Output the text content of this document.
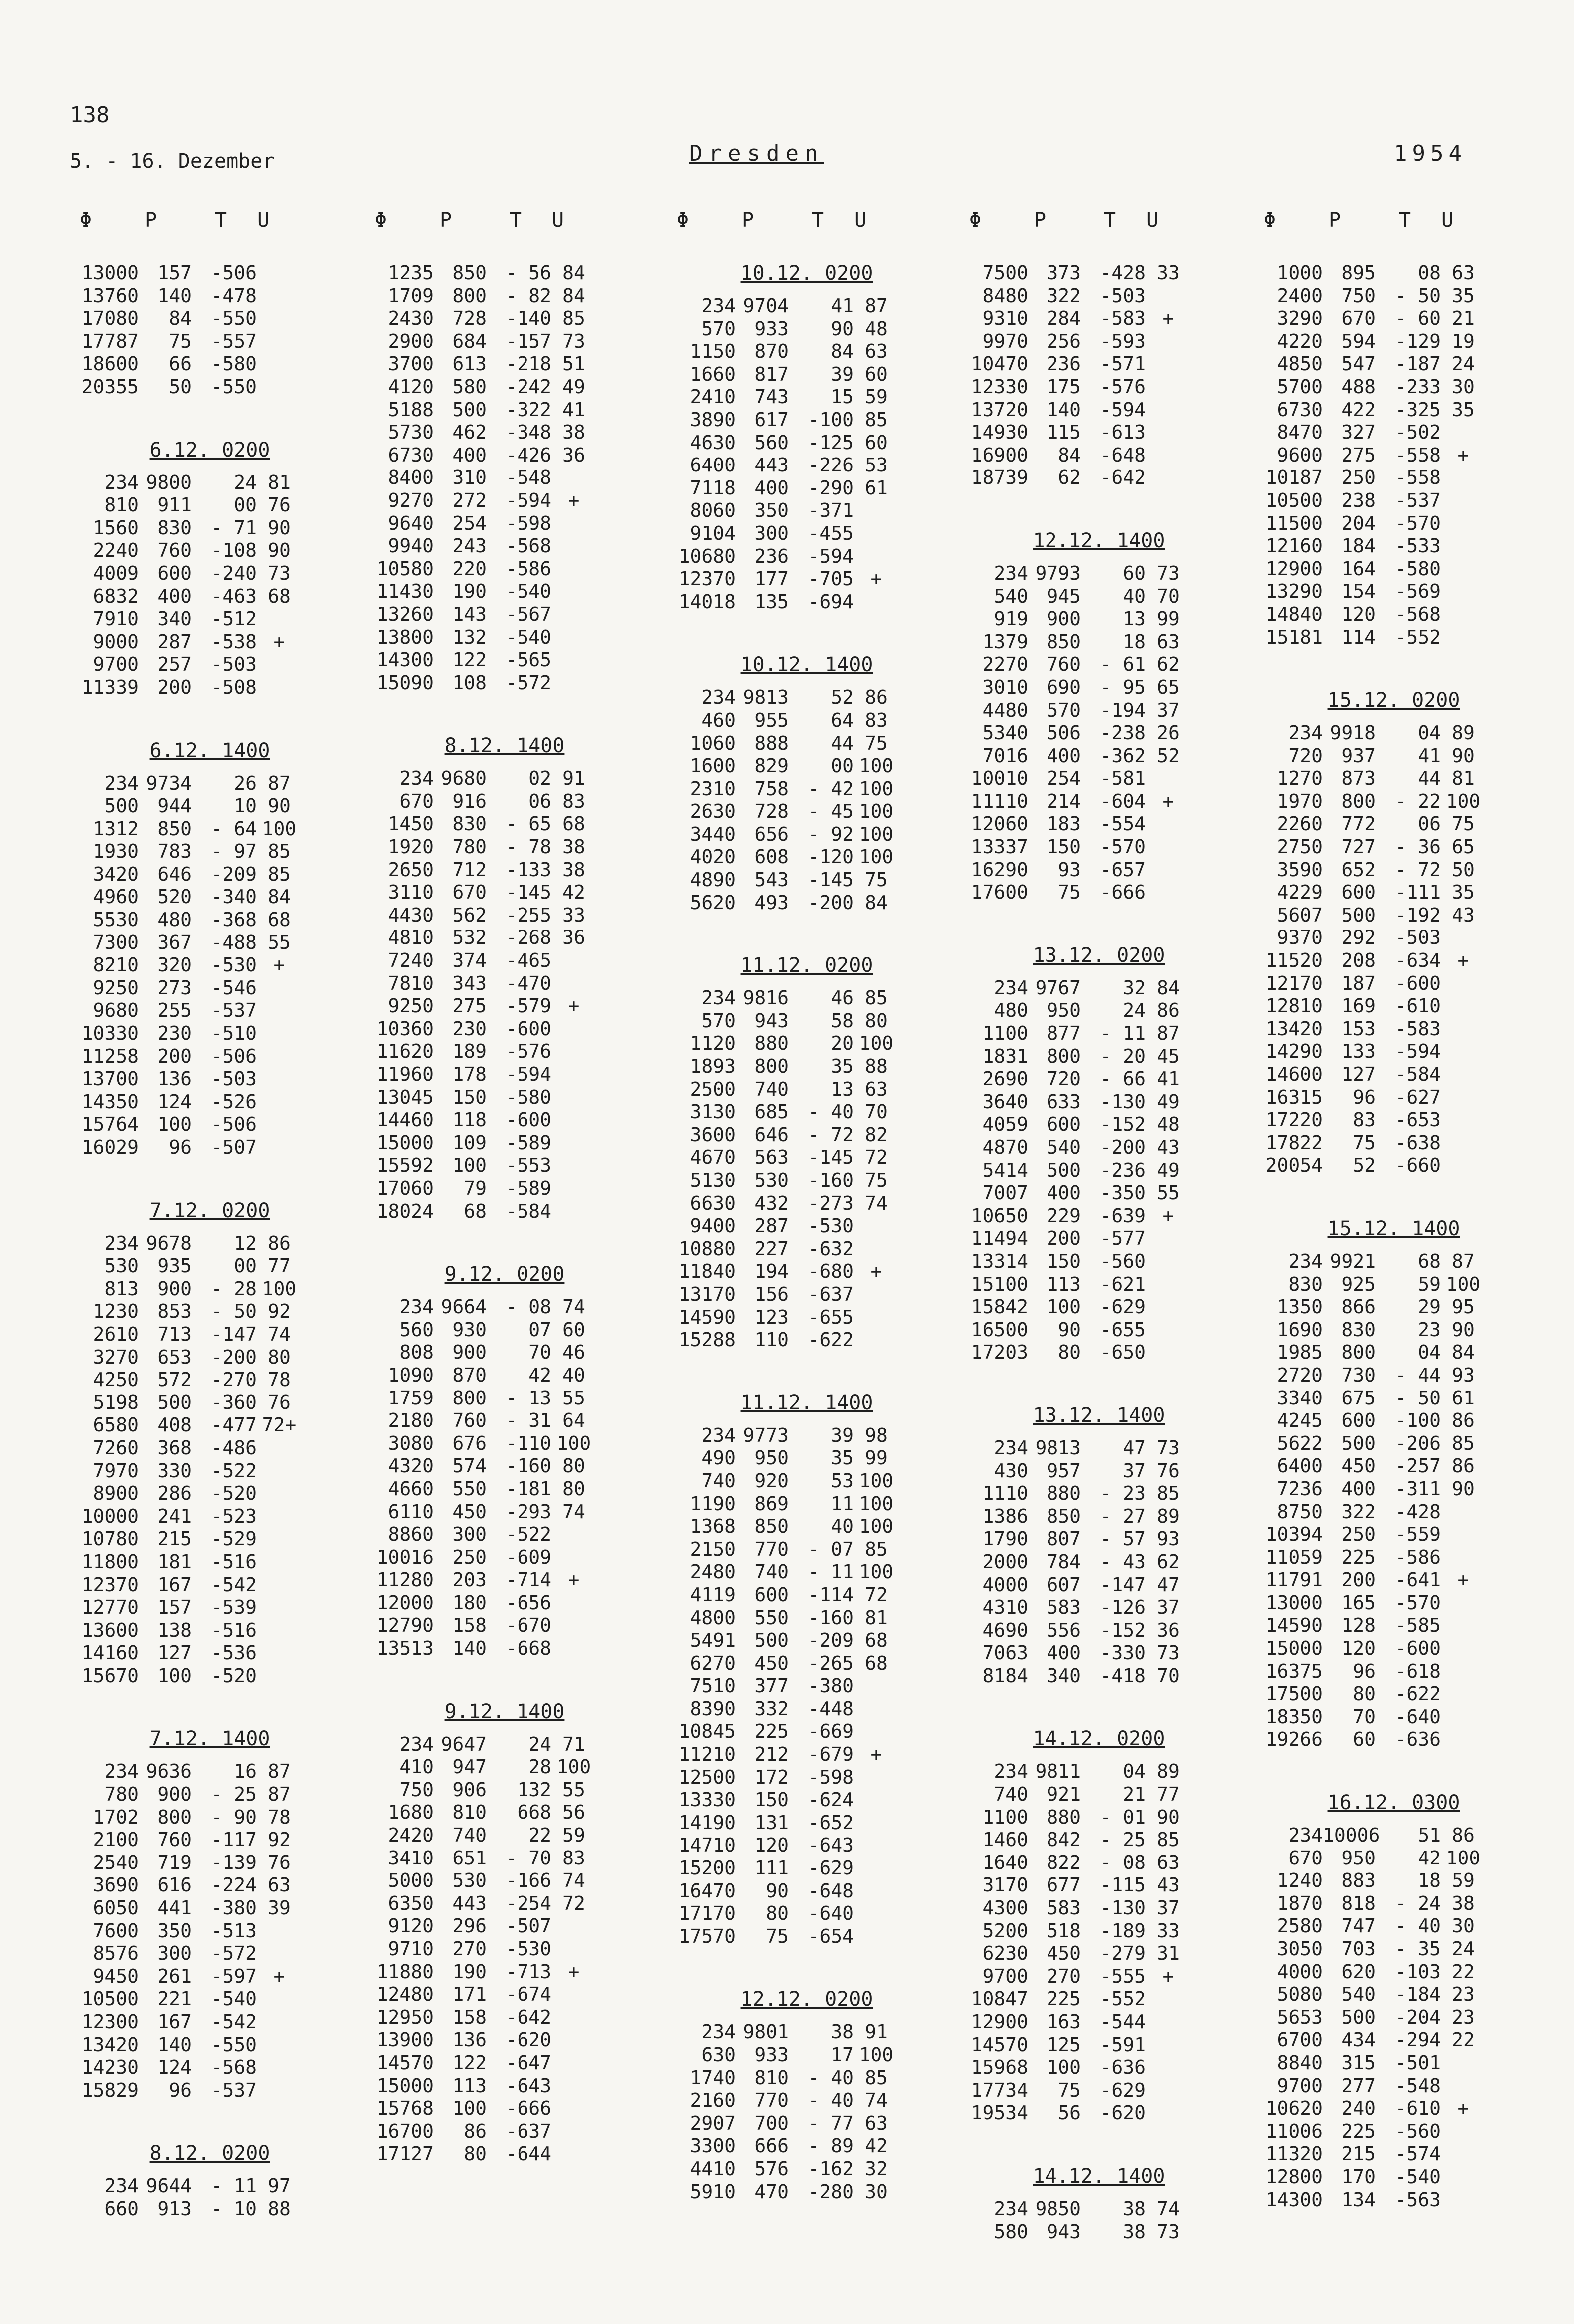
138
5. - 16. Dezember	Dresden	1954
Φ	P	T U
13000 157	-506
13760 140	-478
17080	84	-550
17787	75	-557
18600	66	-580
20355	50	-550
6.12. 0200
234 9800	24 81
810 911	00 76
1560 830	- 71 90
2240 760	-108 90
4009 600	-240 73
6832 400	-463 68
7910 340	-512
9000 287	-538 +
9700 257	-503
11339 200	-508
6.12. 1400
234 9734	26 87
500 944	10 90
1312 850	- 64 100
1930 783	- 97 85
3420 646	-209 85
4960 520	-340 84
5530 480	-368 68
7300 367	-488 55
8210 320	-530 +
9250 273	-546
9680 255	-537
10330 230	-510
11258 200	-506
13700 136	-503
14350 124	-526
15764 100	-506
16029	96	-507
7.12. 0200
234 9678	12 86
530 935	00 77
813 900	- 28 100
1230 853	- 50 92
2610 713	-147 74
3270 653	-200 80
4250 572	-270 78
5198 500	-360 76
6580 408	-477 72+
7260 368	-486
7970 330	-522
8900 286	-520
10000 241	-523
10780 215	-529
11800 181	-516
12370 167	-542
12770 157	-539
13600 138	-516
14160 127	-536
15670 100	-520
7.12. 1400
234 9636	16 87
780 900	- 25 87
1702 800	- 90 78
2100 760	-117 92
2540 719	-139 76
3690 616	-224 63
6050 441	-380 39
7600 350	-513
8576 300	-572
9450 261	-597 +
10500 221	-540
12300 167	-542
13420 140	-550
14230 124	-568
15829	96	-537
8.12. 0200
234 9644	- 11 97
660 913	- 10 88
Φ	P	T U
1235 850	- 56 84
1709 800	- 82 84
2430 728	-140 85
2900 684	-157 73
3700 613	-218 51
4120 580	-242 49
5188 500	-322 41
5730 462	-348 38
6730 400	-426 36
8400 310	-548
9270 272	-594 +
9640 254	-598
9940 243	-568
10580 220	-586
11430 190	-540
13260 143	-567
13800 132	-540
14300 122	-565
15090 108	-572
8.12. 1400
234 9680	02 91
670 916	06 83
1450 830	- 65 68
1920 780	- 78 38
2650 712	-133 38
3110 670	-145 42
4430 562	-255 33
4810 532	-268 36
7240 374	-465
7810 343	-470
9250 275	-579 +
10360 230	-600
11620 189	-576
11960 178	-594
13045 150	-580
14460 118	-600
15000 109	-589
15592 100	-553
17060	79	-589
18024	68	-584
9.12. 0200
234 9664	- 08 74
560 930	07 60
808 900	70 46
1090 870	42 40
1759 800	- 13 55
2180 760	- 31 64
3080 676	-110 100
4320 574	-160 80
4660 550	-181 80
6110 450	-293 74
8860 300	-522
10016 250	-609
11280 203	-714 +
12000 180	-656
12790 158	-670
13513 140	-668
9.12. 1400
234 9647	24 71
410 947	28 100
750 906	132 55
1680 810	668 56
2420 740	22 59
3410 651	- 70 83
5000 530	-166 74
6350 443	-254 72
9120 296	-507
9710 270	-530
11880 190	-713 +
12480 171	-674
12950 158	-642
13900 136	-620
14570 122	-647
15000 113	-643
15768 100	-666
16700	86	-637
17127	80	-644
Φ	P	T U
10.12. 0200
234 9704	41 87
570 933	90 48
1150 870	84 63
1660 817	39 60
2410 743	15 59
3890 617	-100 85
4630 560	-125 60
6400 443	-226 53
7118 400	-290 61
8060 350	-371
9104 300	-455
10680 236	-594
12370 177	-705 +
14018 135	-694
10.12. 1400
234 9813	52 86
460 955	64 83
1060 888	44 75
1600 829	00 100
2310 758	- 42 100
2630 728	- 45 100
3440 656	- 92 100
4020 608	-120 100
4890 543	-145 75
5620 493	-200 84
11.12. 0200
234 9816	46 85
570 943	58 80
1120 880	20 100
1893 800	35 88
2500 740	13 63
3130 685	- 40 70
3600 646	- 72 82
4670 563	-145 72
5130 530	-160 75
6630 432	-273 74
9400 287	-530
10880 227	-632
11840 194	-680 +
13170 156	-637
14590 123	-655
15288 110	-622
11.12. 1400
234 9773	39 98
490 950	35 99
740 920	53 100
1190 869	11 100
1368 850	40 100
2150 770	- 07 85
2480 740	- 11 100
4119 600	-114 72
4800 550	-160 81
5491 500	-209 68
6270 450	-265 68
7510 377	-380
8390 332	-448
10845 225	-669
11210 212	-679 +
12500 172	-598
13330 150	-624
14190 131	-652
14710 120	-643
15200 111	-629
16470	90	-648
17170	80	-640
17570	75	-654
12.12. 0200
234 9801	38 91
630 933	17 100
1740 810	- 40 85
2160 770	- 40 74
2907 700	- 77 63
3300 666	- 89 42
4410 576	-162 32
5910 470	-280 30
Φ	P	T U
7500 373	-428 33
8480 322	-503
9310 284	-583 +
9970 256	-593
10470 236	-571
12330 175	-576
13720 140	-594
14930 115	-613
16900	84	-648
18739	62	-642
12.12. 1400
234 9793	60 73
540 945	40 70
919 900	13 99
1379 850	18 63
2270 760	- 61 62
3010 690	- 95 65
4480 570	-194 37
5340 506	-238 26
7016 400	-362 52
10010 254	-581
11110 214	-604 +
12060 183	-554
13337 150	-570
16290	93	-657
17600	75	-666
13.12. 0200
234 9767	32 84
480 950	24 86
1100 877	- 11 87
1831 800	- 20 45
2690 720	- 66 41
3640 633	-130 49
4059 600	-152 48
4870 540	-200 43
5414 500	-236 49
7007 400	-350 55
10650 229	-639 +
11494 200	-577
13314 150	-560
15100 113	-621
15842 100	-629
16500	90	-655
17203	80	-650
13.12. 1400
234 9813	47 73
430 957	37 76
1110 880	- 23 85
1386 850	- 27 89
1790 807	- 57 93
2000 784	- 43 62
4000 607	-147 47
4310 583	-126 37
4690 556	-152 36
7063 400	-330 73
8184 340	-418 70
14.12. 0200
234 9811	04 89
740 921	21 77
1100 880	- 01 90
1460 842	- 25 85
1640 822	- 08 63
3170 677	-115 43
4300 583	-130 37
5200 518	-189 33
6230 450	-279 31
9700 270	-555 +
10847 225	-552
12900 163	-544
14570 125	-591
15968 100	-636
17734	75	-629
19534	56	-620
14.12. 1400
234 9850	38 74
580 943	38 73
Φ	P	T U
1000 895	08 63
2400 750	- 50 35
3290 670	- 60 21
4220 594	-129 19
4850 547	-187 24
5700 488	-233 30
6730 422	-325 35
8470 327	-502
9600 275	-558 +
10187 250	-558
10500 238	-537
11500 204	-570
12160 184	-533
12900 164	-580
13290 154	-569
14840 120	-568
15181 114	-552
15.12. 0200
234 9918	04 89
720 937	41 90
1270 873	44 81
1970 800	- 22 100
2260 772	06 75
2750 727	- 36 65
3590 652	- 72 50
4229 600	-111 35
5607 500	-192 43
9370 292	-503
11520 208	-634 +
12170 187	-600
12810 169	-610
13420 153	-583
14290 133	-594
14600 127	-584
16315	96	-627
17220	83	-653
17822	75	-638
20054	52	-660
15.12. 1400
234 9921	68 87
830 925	59 100
1350 866	29 95
1690 830	23 90
1985 800	04 84
2720 730	- 44 93
3340 675	- 50 61
4245 600	-100 86
5622 500	-206 85
6400 450	-257 86
7236 400	-311 90
8750 322	-428
10394 250	-559
11059 225	-586
11791 200	-641 +
13000 165	-570
14590 128	-585
15000 120	-600
16375	96	-618
17500	80	-622
18350	70	-640
19266	60	-636
16.12. 0300
234 10006	51 86
670 950	42 100
1240 883	18 59
1870 818	- 24 38
2580 747	- 40 30
3050 703	- 35 24
4000 620	-103 22
5080 540	-184 23
5653 500	-204 23
6700 434	-294 22
8840 315	-501
9700 277	-548
10620 240	-610 +
11006 225	-560
11320 215	-574
12800 170	-540
14300 134	-563
